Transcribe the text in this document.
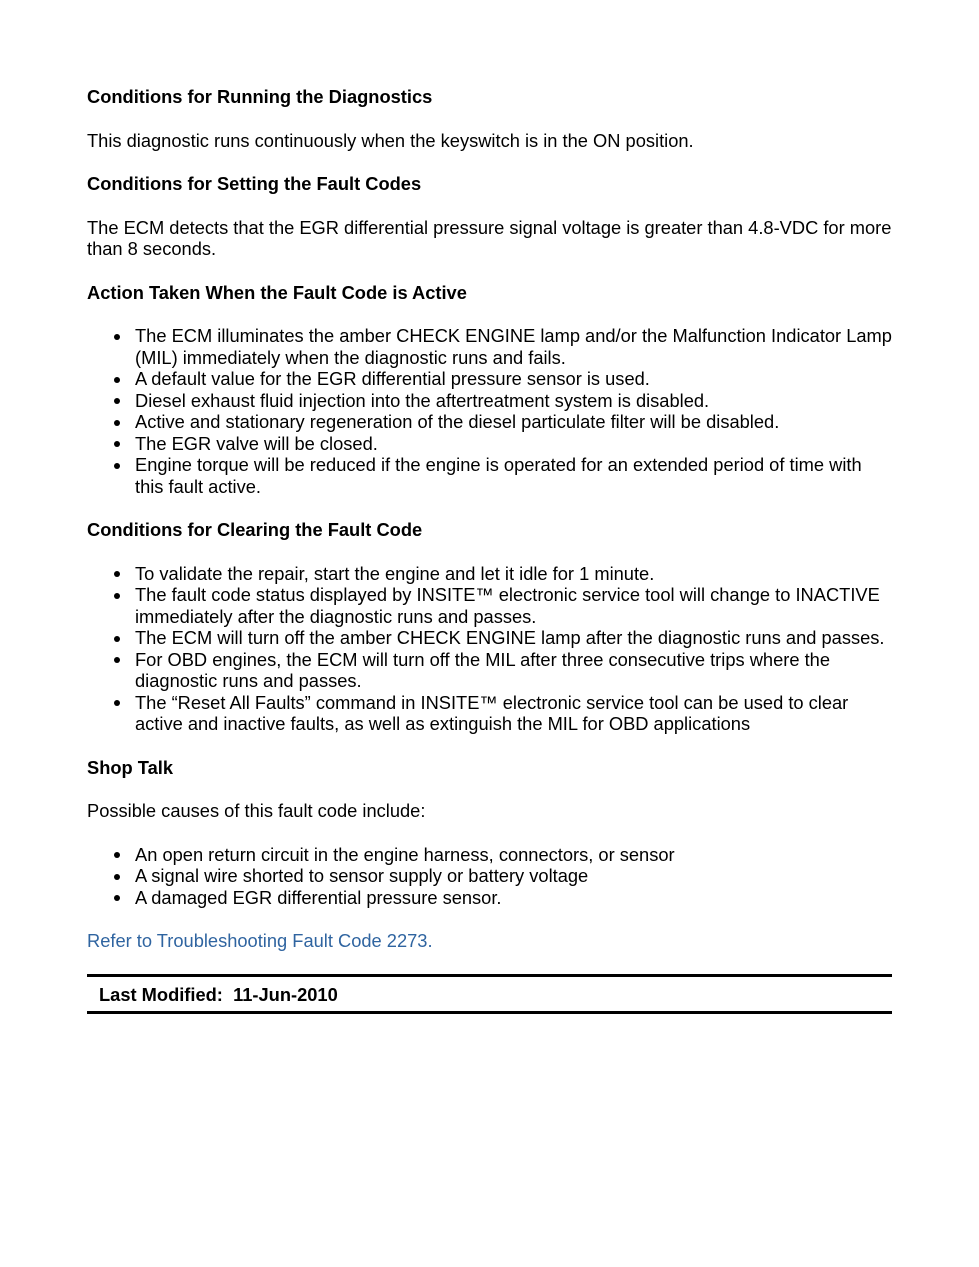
Conditions for Running the Diagnostics

This diagnostic runs continuously when the keyswitch is in the ON position.

Conditions for Setting the Fault Codes

The ECM detects that the EGR differential pressure signal voltage is greater than 4.8-VDC for more than 8 seconds.

Action Taken When the Fault Code is Active
The ECM illuminates the amber CHECK ENGINE lamp and/or the Malfunction Indicator Lamp (MIL) immediately when the diagnostic runs and fails.
A default value for the EGR differential pressure sensor is used.
Diesel exhaust fluid injection into the aftertreatment system is disabled.
Active and stationary regeneration of the diesel particulate filter will be disabled.
The EGR valve will be closed.
Engine torque will be reduced if the engine is operated for an extended period of time with this fault active.
Conditions for Clearing the Fault Code
To validate the repair, start the engine and let it idle for 1 minute.
The fault code status displayed by INSITE™ electronic service tool will change to INACTIVE immediately after the diagnostic runs and passes.
The ECM will turn off the amber CHECK ENGINE lamp after the diagnostic runs and passes.
For OBD engines, the ECM will turn off the MIL after three consecutive trips where the diagnostic runs and passes.
The “Reset All Faults” command in INSITE™ electronic service tool can be used to clear active and inactive faults, as well as extinguish the MIL for OBD applications
Shop Talk

Possible causes of this fault code include:

An open return circuit in the engine harness, connectors, or sensor
A signal wire shorted to sensor supply or battery voltage
A damaged EGR differential pressure sensor.

Refer to Troubleshooting Fault Code 2273.

Last Modified: 11-Jun-2010
